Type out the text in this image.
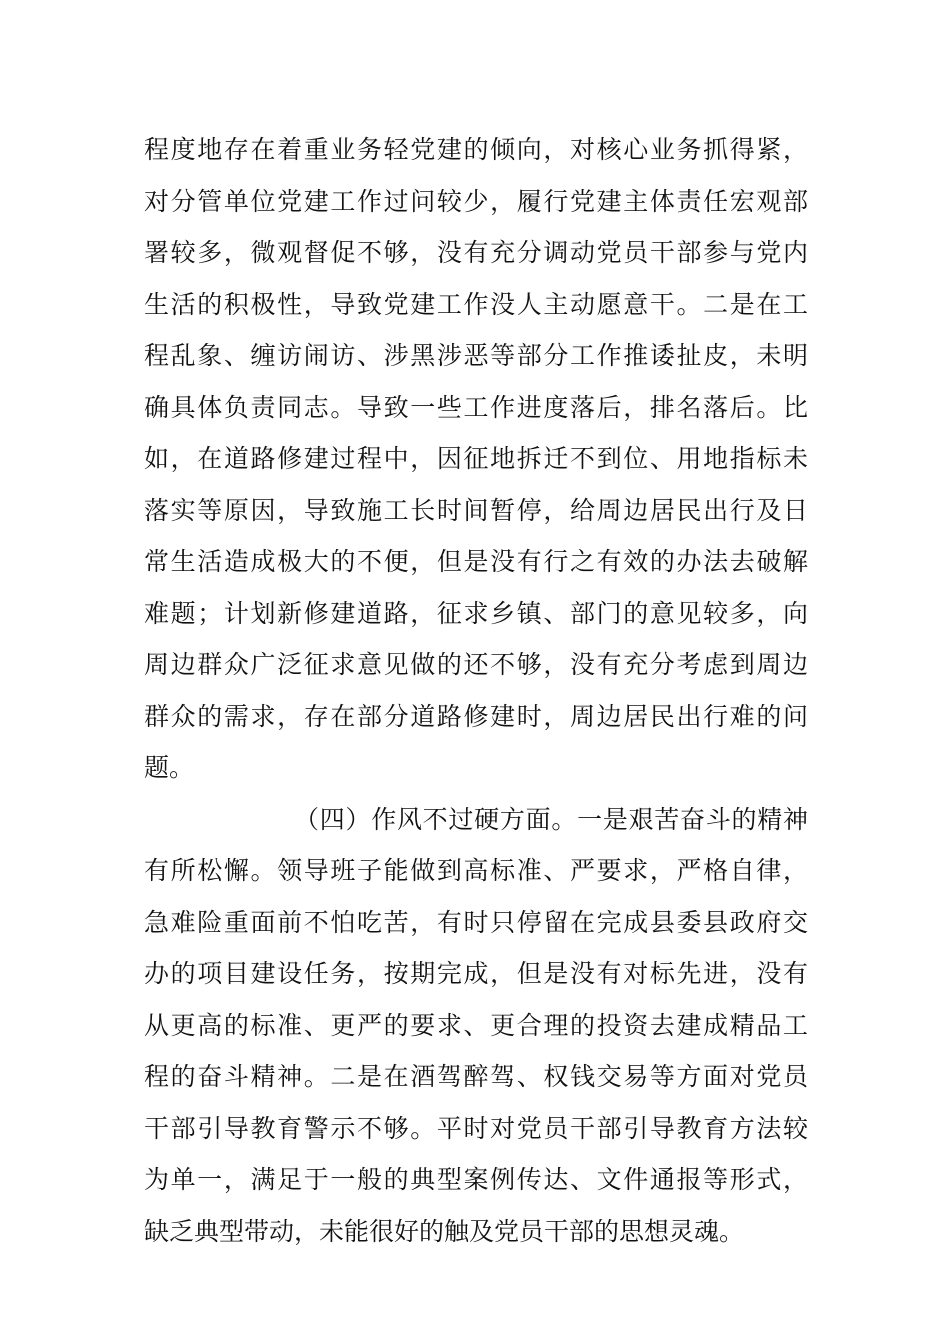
程度地存在着重业务轻党建的倾向，对核心业务抓得紧，
对分管单位党建工作过问较少，履行党建主体责任宏观部
署较多，微观督促不够，没有充分调动党员干部参与党内
生活的积极性，导致党建工作没人主动愿意干。二是在工
程乱象、缠访闹访、涉黑涉恶等部分工作推诿扯皮，未明
确具体负责同志。导致一些工作进度落后，排名落后。比
如，在道路修建过程中，因征地拆迁不到位、用地指标未
落实等原因，导致施工长时间暂停，给周边居民出行及日
常生活造成极大的不便，但是没有行之有效的办法去破解
难题；计划新修建道路，征求乡镇、部门的意见较多，向
周边群众广泛征求意见做的还不够，没有充分考虑到周边
群众的需求，存在部分道路修建时，周边居民出行难的问
题。
（四）作风不过硬方面。一是艰苦奋斗的精神
有所松懈。领导班子能做到高标准、严要求，严格自律，
急难险重面前不怕吃苦，有时只停留在完成县委县政府交
办的项目建设任务，按期完成，但是没有对标先进，没有
从更高的标准、更严的要求、更合理的投资去建成精品工
程的奋斗精神。二是在酒驾醉驾、权钱交易等方面对党员
干部引导教育警示不够。平时对党员干部引导教育方法较
为单一，满足于一般的典型案例传达、文件通报等形式，
缺乏典型带动，未能很好的触及党员干部的思想灵魂。
